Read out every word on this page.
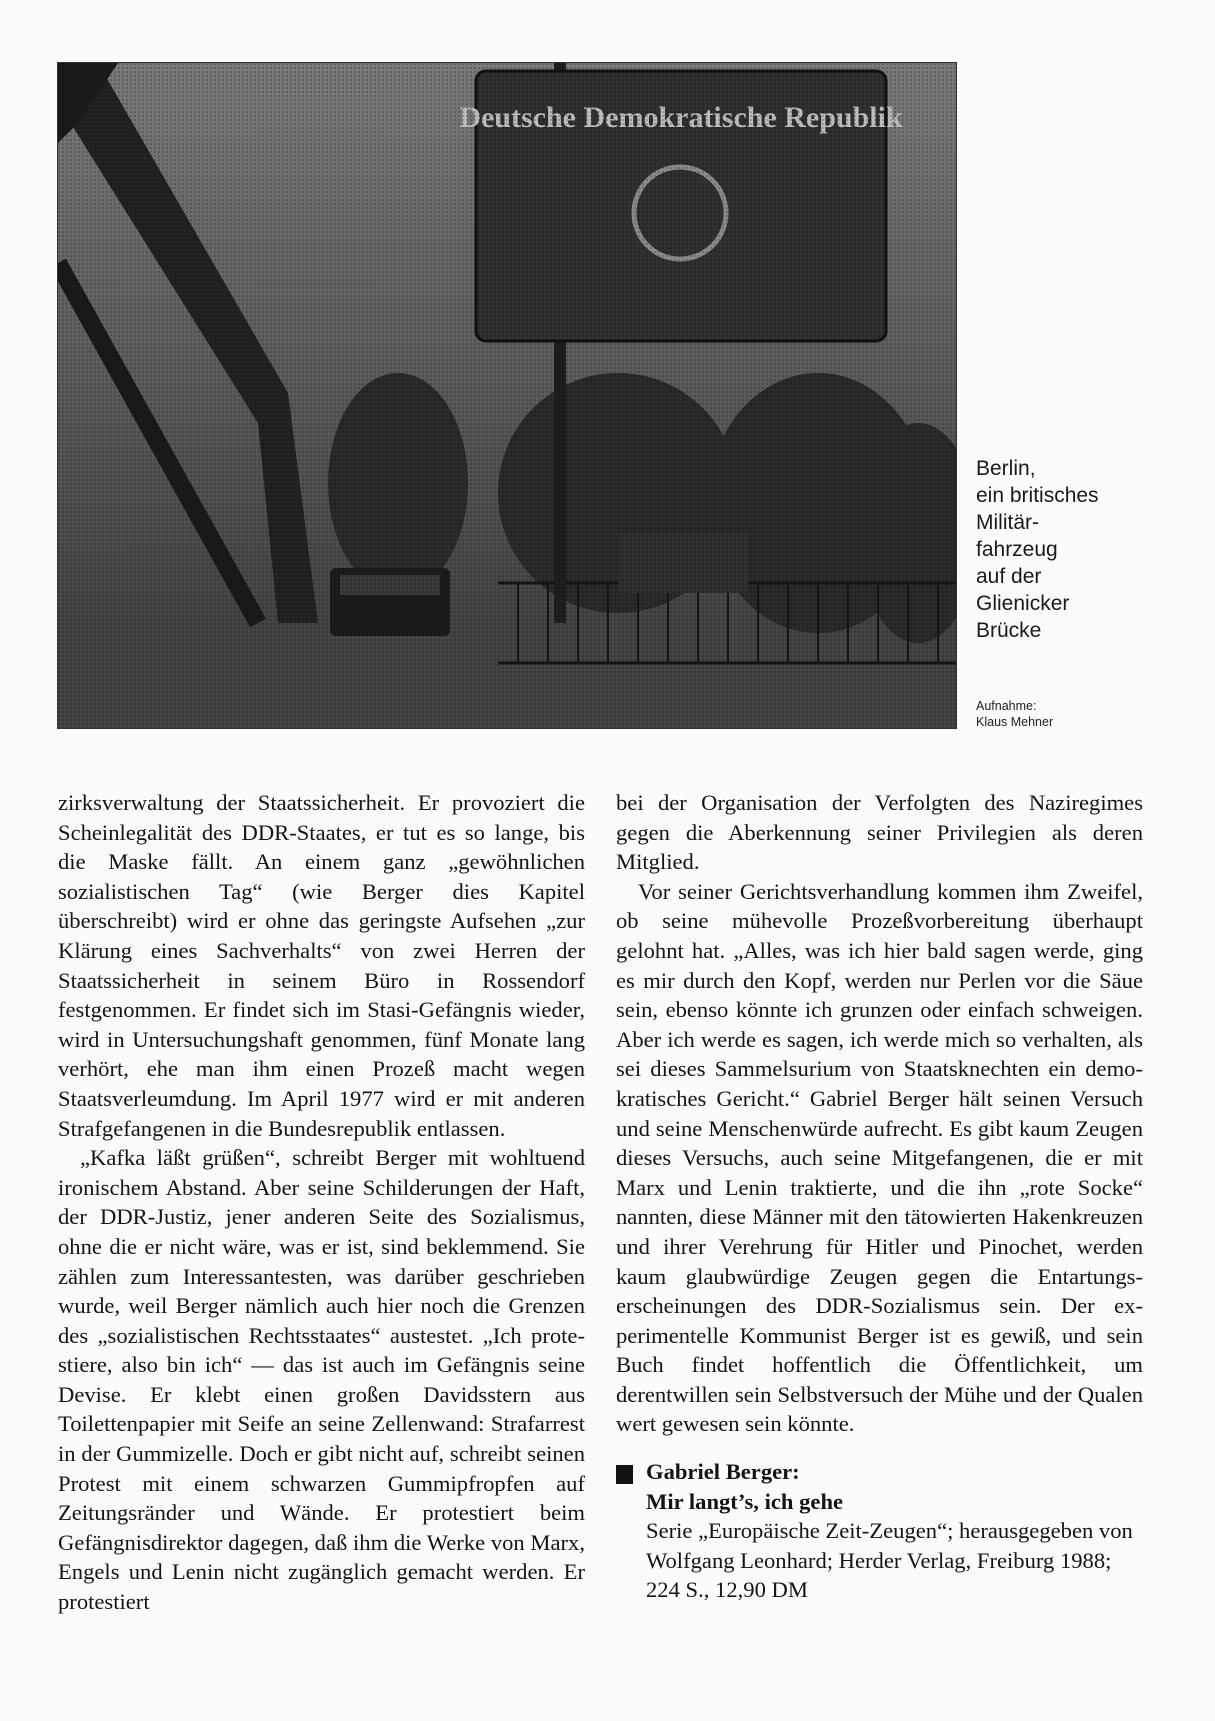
Berlin,

ein britisches

Militär-

fahrzeug

auf der

Glienicker

Brücke

Aufnahme:

Klaus Mehner

zirksverwaltung der Staatssicherheit. Er provoziert die Scheinlegalität des DDR-Staates, er tut es so lange, bis die Maske fällt. An einem ganz „gewöhnlichen sozialistischen Tag“ (wie Berger dies Kapitel überschreibt) wird er ohne das geringste Aufsehen „zur Klärung eines Sachverhalts“ von zwei Herren der Staatssicherheit in seinem Büro in Rossendorf festgenommen. Er findet sich im Stasi-Gefängnis wieder, wird in Untersuchungshaft genommen, fünf Monate lang verhört, ehe man ihm einen Prozeß macht wegen Staatsverleumdung. Im April 1977 wird er mit anderen Strafgefangenen in die Bundesrepublik entlassen.

„Kafka läßt grüßen“, schreibt Berger mit wohltuend ironischem Abstand. Aber seine Schilderungen der Haft, der DDR-Justiz, jener anderen Seite des Sozialismus, ohne die er nicht wäre, was er ist, sind beklemmend. Sie zählen zum Interessantesten, was darüber geschrieben wurde, weil Berger nämlich auch hier noch die Grenzen des „sozialistischen Rechtsstaates“ austestet. „Ich protestiere, also bin ich“ — das ist auch im Gefängnis seine Devise. Er klebt einen großen Davidsstern aus Toilettenpapier mit Seife an seine Zellenwand: Strafarrest in der Gummizelle. Doch er gibt nicht auf, schreibt seinen Protest mit einem schwarzen Gummipfropfen auf Zeitungsränder und Wände. Er protestiert beim Gefängnisdirektor dagegen, daß ihm die Werke von Marx, Engels und Lenin nicht zugänglich gemacht werden. Er protestiert

bei der Organisation der Verfolgten des Naziregimes gegen die Aberkennung seiner Privilegien als deren Mitglied.

Vor seiner Gerichtsverhandlung kommen ihm Zweifel, ob seine mühevolle Prozeßvorbereitung überhaupt gelohnt hat. „Alles, was ich hier bald sagen werde, ging es mir durch den Kopf, werden nur Perlen vor die Säue sein, ebenso könnte ich grunzen oder einfach schweigen. Aber ich werde es sagen, ich werde mich so verhalten, als sei dieses Sammelsurium von Staatsknechten ein demokratisches Gericht.“ Gabriel Berger hält seinen Versuch und seine Menschenwürde aufrecht. Es gibt kaum Zeugen dieses Versuchs, auch seine Mitgefangenen, die er mit Marx und Lenin traktierte, und die ihn „rote Socke“ nannten, diese Männer mit den tätowierten Hakenkreuzen und ihrer Verehrung für Hitler und Pinochet, werden kaum glaubwürdige Zeugen gegen die Entartungserscheinungen des DDR-Sozialismus sein. Der experimentelle Kommunist Berger ist es gewiß, und sein Buch findet hoffentlich die Öffentlichkeit, um derentwillen sein Selbstversuch der Mühe und der Qualen wert gewesen sein könnte.

Gabriel Berger:
Mir langt’s, ich gehe
Serie „Europäische Zeit-Zeugen“; herausgegeben von Wolfgang Leonhard; Herder Verlag, Freiburg 1988; 224 S., 12,90 DM
